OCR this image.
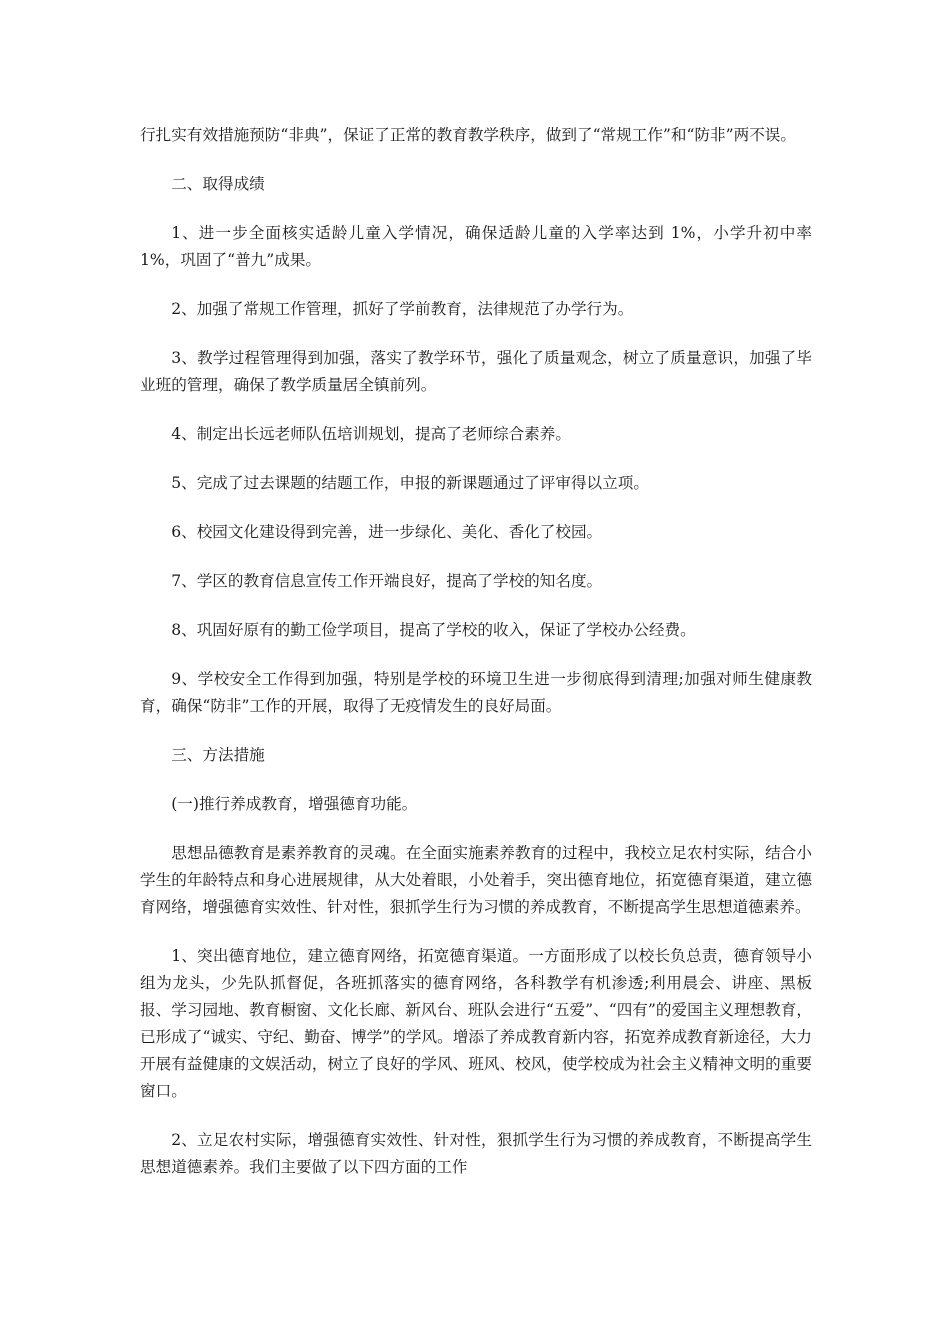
行扎实有效措施预防“非典”，保证了正常的教育教学秩序，做到了“常规工作”和“防非”两不误。

二、取得成绩

1、进一步全面核实适龄儿童入学情况，确保适龄儿童的入学率达到 1%，小学升初中率 1%，巩固了“普九”成果。

2、加强了常规工作管理，抓好了学前教育，法律规范了办学行为。

3、教学过程管理得到加强，落实了教学环节，强化了质量观念，树立了质量意识，加强了毕业班的管理，确保了教学质量居全镇前列。

4、制定出长远老师队伍培训规划，提高了老师综合素养。

5、完成了过去课题的结题工作，申报的新课题通过了评审得以立项。

6、校园文化建设得到完善，进一步绿化、美化、香化了校园。

7、学区的教育信息宣传工作开端良好，提高了学校的知名度。

8、巩固好原有的勤工俭学项目，提高了学校的收入，保证了学校办公经费。

9、学校安全工作得到加强，特别是学校的环境卫生进一步彻底得到清理;加强对师生健康教育，确保“防非”工作的开展，取得了无疫情发生的良好局面。

三、方法措施

(一)推行养成教育，增强德育功能。

思想品德教育是素养教育的灵魂。在全面实施素养教育的过程中，我校立足农村实际，结合小学生的年龄特点和身心进展规律，从大处着眼，小处着手，突出德育地位，拓宽德育渠道，建立德育网络，增强德育实效性、针对性，狠抓学生行为习惯的养成教育，不断提高学生思想道德素养。

1、突出德育地位，建立德育网络，拓宽德育渠道。一方面形成了以校长负总责，德育领导小组为龙头，少先队抓督促，各班抓落实的德育网络，各科教学有机渗透;利用晨会、讲座、黑板报、学习园地、教育橱窗、文化长廊、新风台、班队会进行“五爱”、“四有”的爱国主义理想教育，已形成了“诚实、守纪、勤奋、博学”的学风。增添了养成教育新内容，拓宽养成教育新途径，大力开展有益健康的文娱活动，树立了良好的学风、班风、校风，使学校成为社会主义精神文明的重要窗口。

2、立足农村实际，增强德育实效性、针对性，狠抓学生行为习惯的养成教育，不断提高学生思想道德素养。我们主要做了以下四方面的工作
